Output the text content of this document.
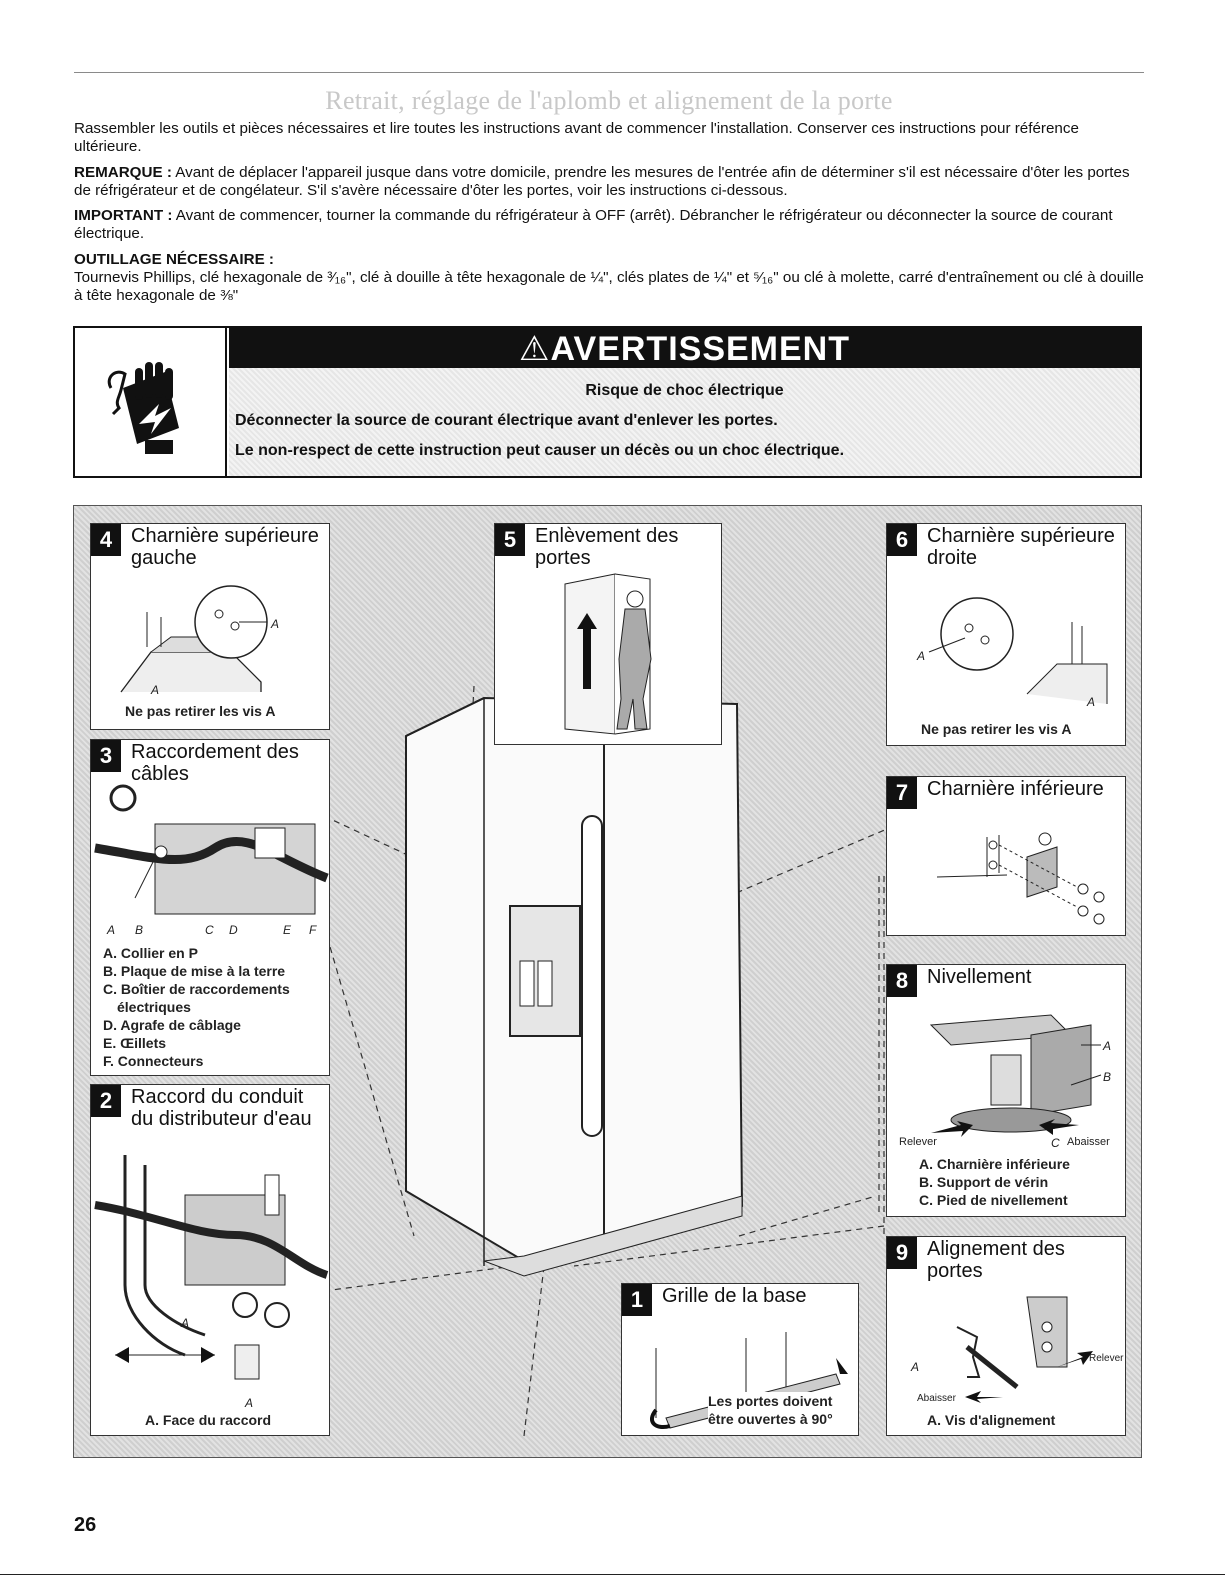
Retrait, réglage de l'aplomb et alignement de la porte
Rassembler les outils et pièces nécessaires et lire toutes les instructions avant de commencer l'installation. Conserver ces instructions pour référence ultérieure.
REMARQUE : Avant de déplacer l'appareil jusque dans votre domicile, prendre les mesures de l'entrée afin de déterminer s'il est nécessaire d'ôter les portes de réfrigérateur et de congélateur. S'il s'avère nécessaire d'ôter les portes, voir les instructions ci-dessous.
IMPORTANT : Avant de commencer, tourner la commande du réfrigérateur à OFF (arrêt). Débrancher le réfrigérateur ou déconnecter la source de courant électrique.
OUTILLAGE NÉCESSAIRE :
Tournevis Phillips, clé hexagonale de ³⁄₁₆", clé à douille à tête hexagonale de ¼", clés plates de ¼" et ⁵⁄₁₆" ou clé à molette, carré d'entraînement ou clé à douille à tête hexagonale de ⅜"
⚠AVERTISSEMENT
Risque de choc électrique
Déconnecter la source de courant électrique avant d'enlever les portes.
Le non-respect de cette instruction peut causer un décès ou un choc électrique.
4 Charnière supérieure gauche
A
A
Ne pas retirer les vis A
5 Enlèvement des portes
6 Charnière supérieure droite
A
A
Ne pas retirer les vis A
3 Raccordement des câbles
A B	C D	E F
A. Collier en P
B. Plaque de mise à la terre
C. Boîtier de raccordements
électriques
D. Agrafe de câblage
E. Œillets
F. Connecteurs
7 Charnière inférieure
8 Nivellement
A
B
C
Relever	Abaisser
A. Charnière inférieure
B. Support de vérin
C. Pied de nivellement
2 Raccord du conduit du distributeur d'eau
A
A
A. Face du raccord
9 Alignement des portes
A
Relever
Abaisser
A. Vis d'alignement
1 Grille de la base
Les portes doivent être ouvertes à 90°
26
